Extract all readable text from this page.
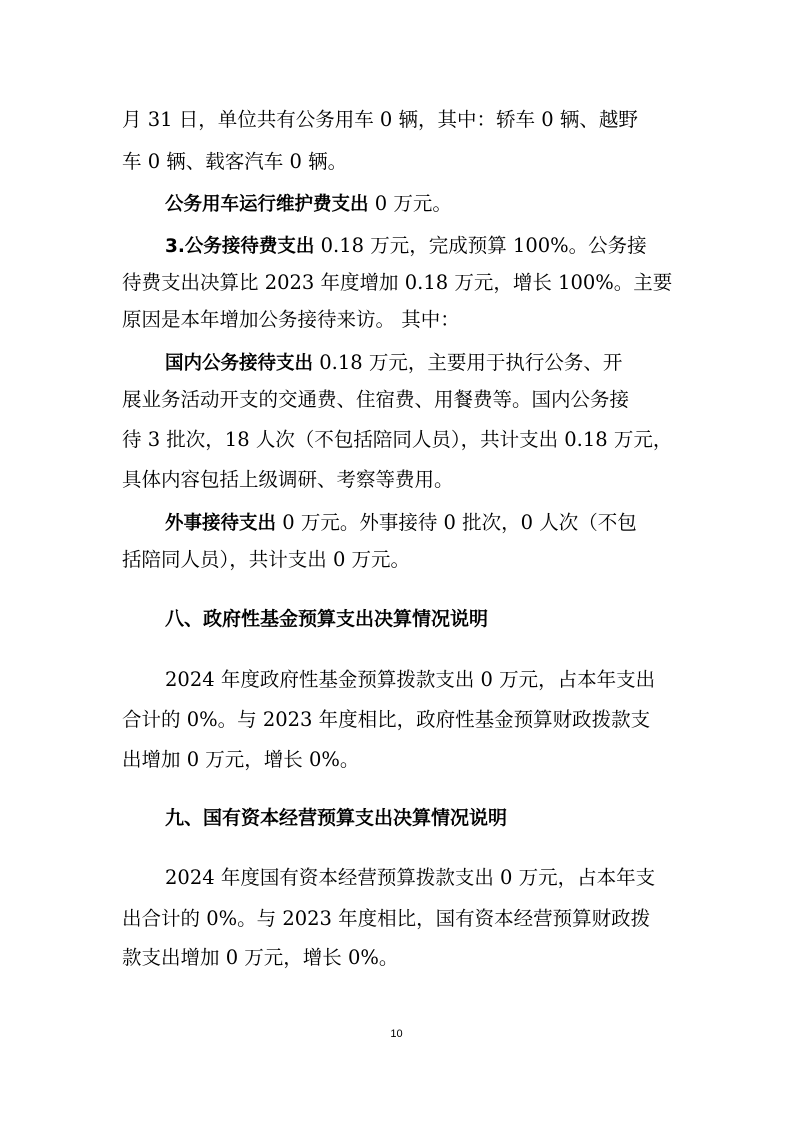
月 31 日，单位共有公务用车 0 辆，其中：轿车 0 辆、越野
车 0 辆、载客汽车 0 辆。
公务用车运行维护费支出 0 万元。
3.公务接待费支出 0.18 万元，完成预算 100%。公务接
待费支出决算比 2023 年度增加 0.18 万元，增长 100%。主要
原因是本年增加公务接待来访。 其中：
国内公务接待支出 0.18 万元，主要用于执行公务、开
展业务活动开支的交通费、住宿费、用餐费等。国内公务接
待 3 批次，18 人次（不包括陪同人员），共计支出 0.18 万元，
具体内容包括上级调研、考察等费用。
外事接待支出 0 万元。外事接待 0 批次，0 人次（不包
括陪同人员），共计支出 0 万元。
八、政府性基金预算支出决算情况说明
2024 年度政府性基金预算拨款支出 0 万元，占本年支出
合计的 0%。与 2023 年度相比，政府性基金预算财政拨款支
出增加 0 万元，增长 0%。
九、国有资本经营预算支出决算情况说明
2024 年度国有资本经营预算拨款支出 0 万元，占本年支
出合计的 0%。与 2023 年度相比，国有资本经营预算财政拨
款支出增加 0 万元，增长 0%。
10
